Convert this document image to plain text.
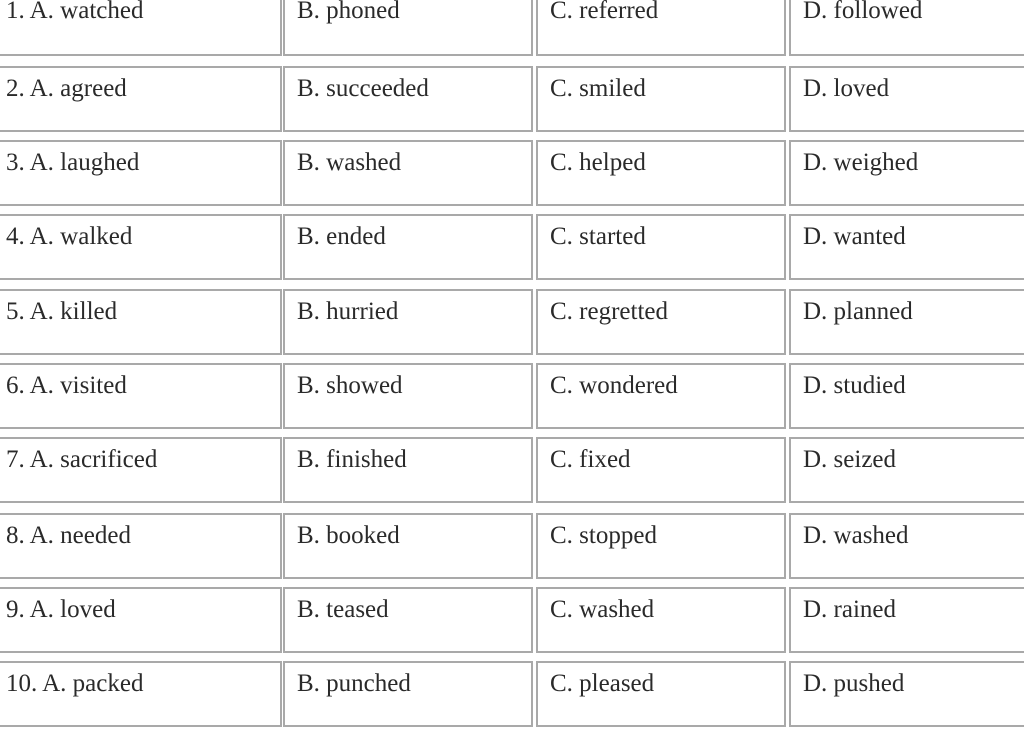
1. A. watched	B. phoned	C. referred	D. followed
2. A. agreed	B. succeeded	C. smiled	D. loved
3. A. laughed	B. washed	C. helped	D. weighed
4. A. walked	B. ended	C. started	D. wanted
5. A. killed	B. hurried	C. regretted	D. planned
6. A. visited	B. showed	C. wondered	D. studied
7. A. sacrificed	B. finished	C. fixed	D. seized
8. A. needed	B. booked	C. stopped	D. washed
9. A. loved	B. teased	C. washed	D. rained
10. A. packed	B. punched	C. pleased	D. pushed
